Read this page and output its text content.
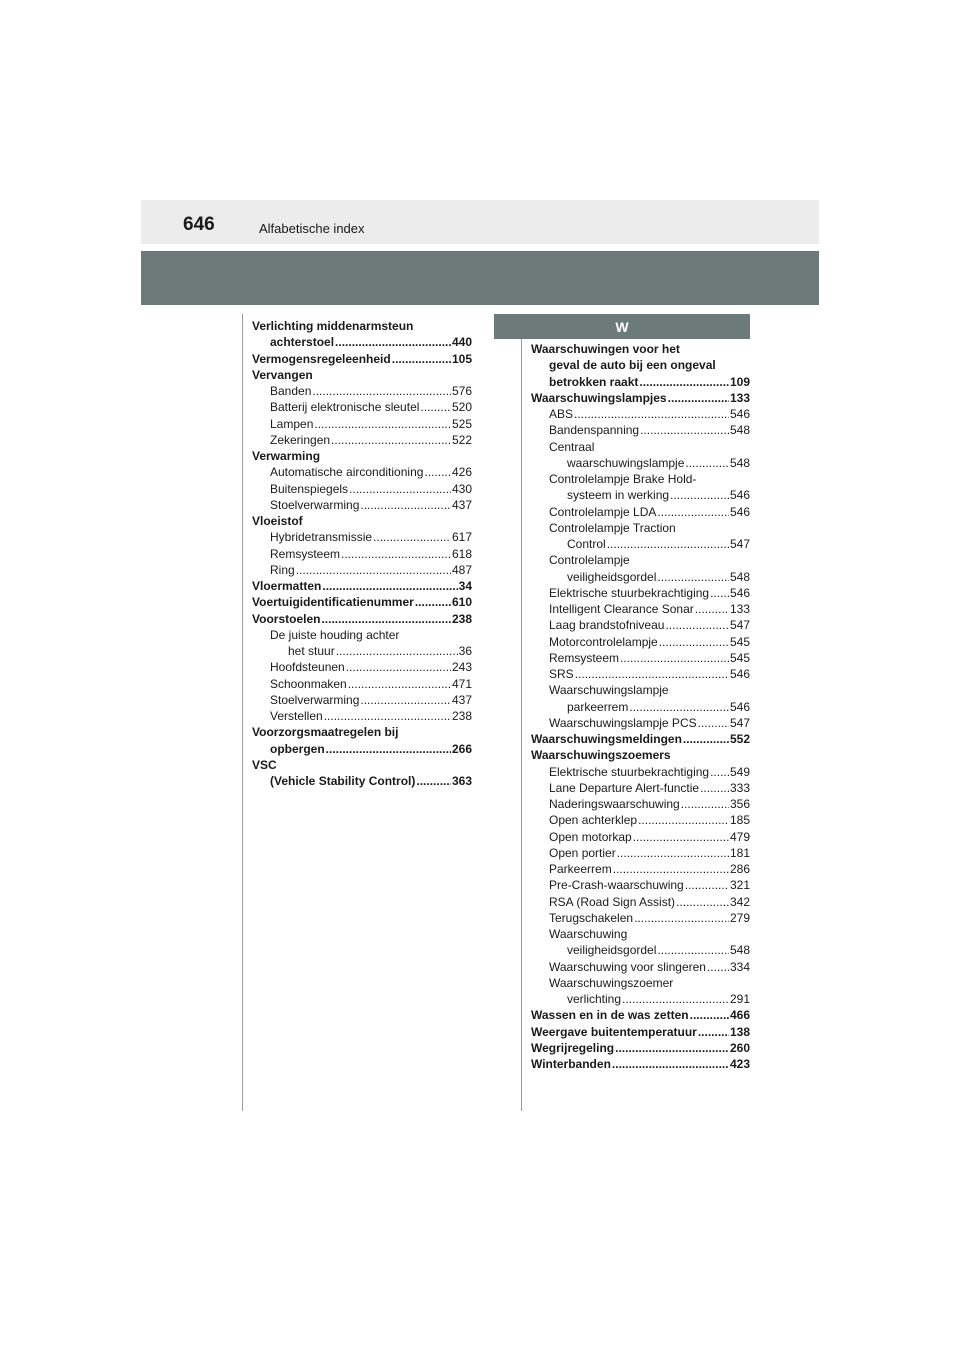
646	Alfabetische index
W
Verlichting middenarmsteun
achterstoel .....	440
Vermogensregeleenheid .....	105
Vervangen
Banden .....	576
Batterij elektronische sleutel .....	520
Lampen .....	525
Zekeringen .....	522
Verwarming
Automatische airconditioning ..... 426
Buitenspiegels .....	430
Stoelverwarming .....	437
Vloeistof
Hybridetransmissie .....	617
Remsysteem .....	618
Ring .....	487
Vloermatten .....	34
Voertuigidentificatienummer .....	610
Voorstoelen .....	238
De juiste houding achter
het stuur .....	36
Hoofdsteunen .....	243
Schoonmaken .....	471
Stoelverwarming .....	437
Verstellen .....	238
Voorzorgsmaatregelen bij
opbergen .....	266
VSC
(Vehicle Stability Control) .....	363
Waarschuwingen voor het
geval de auto bij een ongeval
betrokken raakt .....	109
Waarschuwingslampjes .....	133
ABS .....	546
Bandenspanning .....	548
Centraal
waarschuwingslampje .....	548
Controlelampje Brake Hold-
systeem in werking .....	546
Controlelampje LDA .....	546
Controlelampje Traction
Control .....	547
Controlelampje
veiligheidsgordel .....	548
Elektrische stuurbekrachtiging ..... 546
Intelligent Clearance Sonar .....	133
Laag brandstofniveau .....	547
Motorcontrolelampje .....	545
Remsysteem .....	545
SRS .....	546
Waarschuwingslampje
parkeerrem .....	546
Waarschuwingslampje PCS .....	547
Waarschuwingsmeldingen .....	552
Waarschuwingszoemers
Elektrische stuurbekrachtiging ..... 549
Lane Departure Alert-functie .....	333
Naderingswaarschuwing .....	356
Open achterklep .....	185
Open motorkap .....	479
Open portier .....	181
Parkeerrem .....	286
Pre-Crash-waarschuwing .....	321
RSA (Road Sign Assist) .....	342
Terugschakelen .....	279
Waarschuwing
veiligheidsgordel .....	548
Waarschuwing voor slingeren ..... 334
Waarschuwingszoemer
verlichting .....	291
Wassen en in de was zetten .....	466
Weergave buitentemperatuur .....	138
Wegrijregeling .....	260
Winterbanden .....	423
